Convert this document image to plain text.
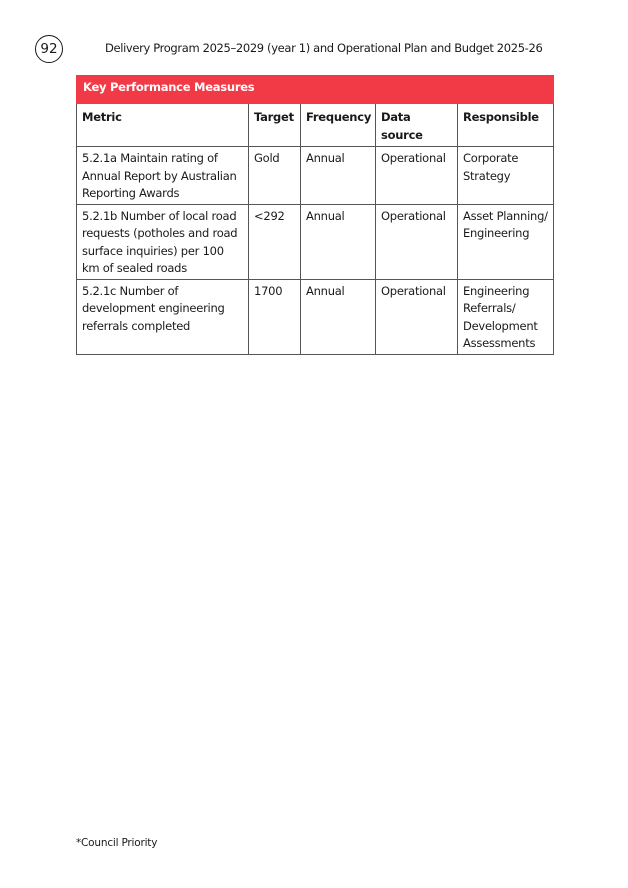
92	Delivery Program 2025–2029 (year 1) and Operational Plan and Budget 2025-26
Key Performance Measures				
Metric	Target	Frequency	Data source	Responsible
5.2.1a Maintain rating of Annual Report by Australian Reporting Awards	Gold	Annual	Operational	Corporate Strategy
5.2.1b Number of local road requests (potholes and road surface inquiries) per 100 km of sealed roads	<292	Annual	Operational	Asset Planning/ Engineering
5.2.1c Number of development engineering referrals completed	1700	Annual	Operational	Engineering Referrals/ Development Assessments
*Council Priority
